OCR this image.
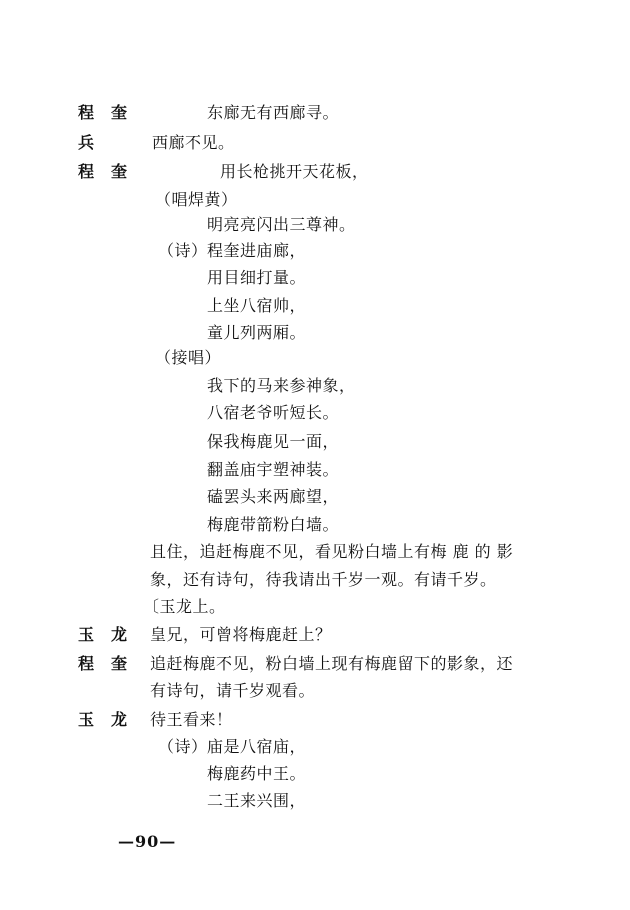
程　奎	东廊无有西廊寻。
兵	西廊不见。
程　奎	用长枪挑开天花板，
（唱焊黄）
明亮亮闪出三尊神。
（诗） 程奎进庙廊，
用目细打量。
上坐八宿帅，
童儿列两厢。
（接唱）
我下的马来参神象，
八宿老爷听短长。
保我梅鹿见一面，
翻盖庙宇塑神装。
磕罢头来两廊望，
梅鹿带箭粉白墙。
且住，追赶梅鹿不见，看见粉白墙上有梅 鹿 的 影
象，还有诗句，待我请出千岁一观。有请千岁。
〔玉龙上。
玉　龙 皇兄，可曾将梅鹿赶上？
程　奎 追赶梅鹿不见，粉白墙上现有梅鹿留下的影象，还
有诗句，请千岁观看。
玉　龙 待王看来！
（诗） 庙是八宿庙，
梅鹿药中王。
二王来兴围，
—90—
